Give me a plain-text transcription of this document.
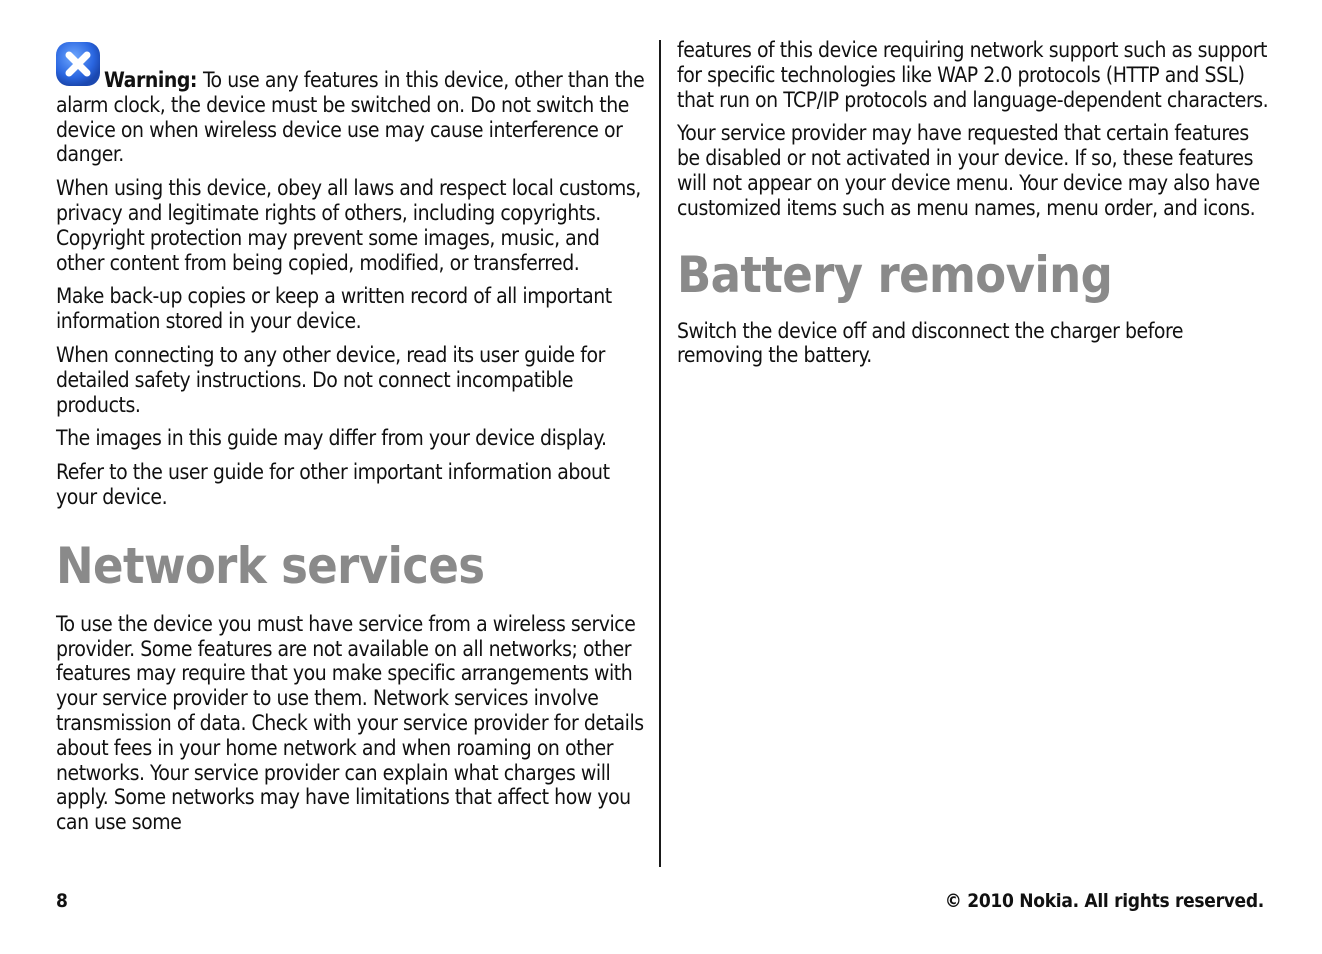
Warning: To use any features in this device, other than the alarm clock, the device must be switched on. Do not switch the device on when wireless device use may cause interference or danger.

When using this device, obey all laws and respect local customs, privacy and legitimate rights of others, including copyrights. Copyright protection may prevent some images, music, and other content from being copied, modified, or transferred.

Make back-up copies or keep a written record of all important information stored in your device.

When connecting to any other device, read its user guide for detailed safety instructions. Do not connect incompatible products.

The images in this guide may differ from your device display.

Refer to the user guide for other important information about your device.

Network services

To use the device you must have service from a wireless service provider. Some features are not available on all networks; other features may require that you make specific arrangements with your service provider to use them. Network services involve transmission of data. Check with your service provider for details about fees in your home network and when roaming on other networks. Your service provider can explain what charges will apply. Some networks may have limitations that affect how you can use some

features of this device requiring network support such as support for specific technologies like WAP 2.0 protocols (HTTP and SSL) that run on TCP/IP protocols and language-dependent characters.

Your service provider may have requested that certain features be disabled or not activated in your device. If so, these features will not appear on your device menu. Your device may also have customized items such as menu names, menu order, and icons.

Battery removing

Switch the device off and disconnect the charger before removing the battery.

8	© 2010 Nokia. All rights reserved.
